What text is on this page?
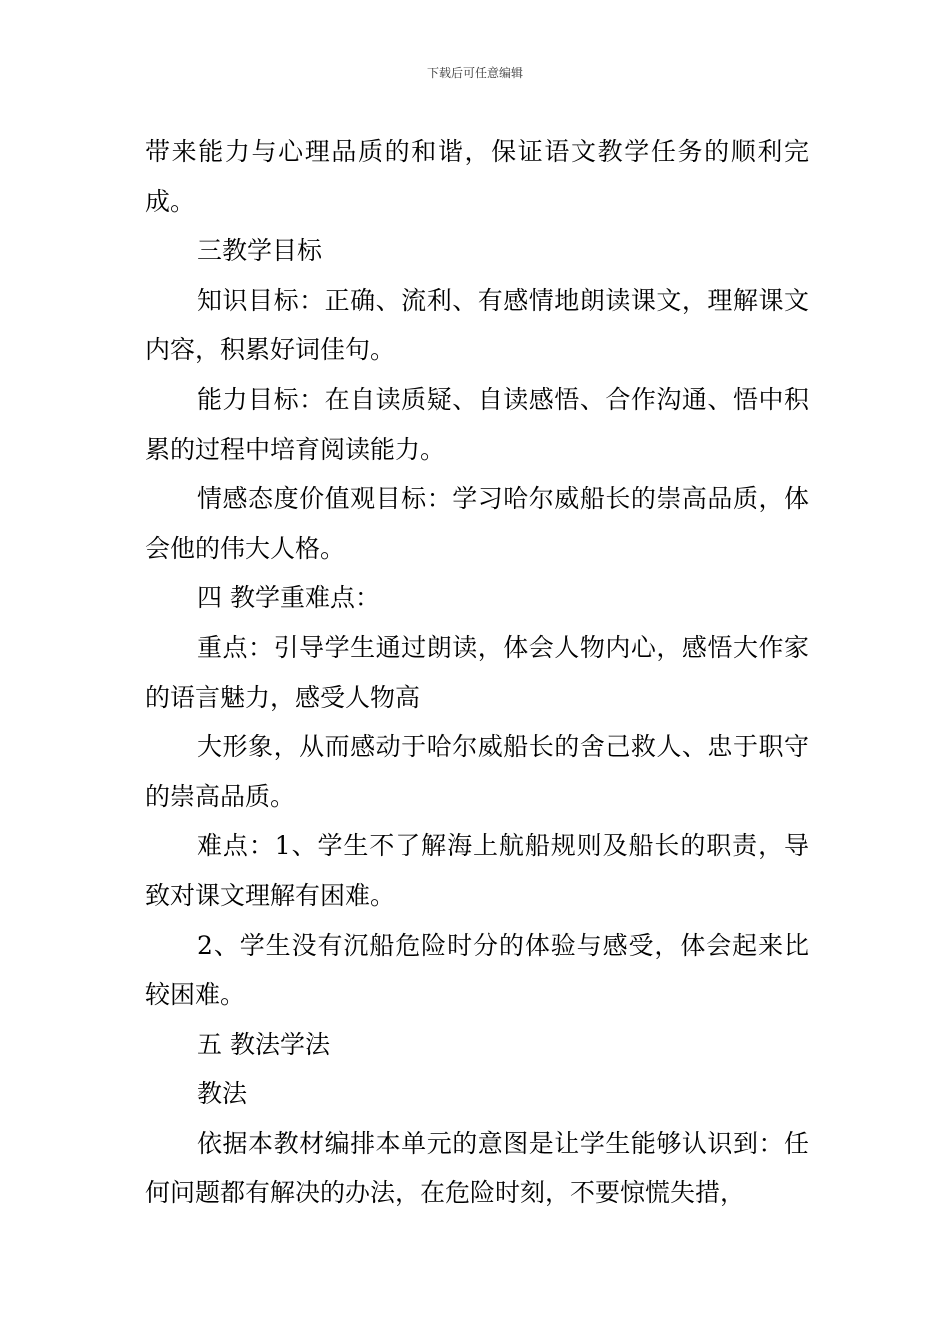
下载后可任意编辑

带来能力与心理品质的和谐，保证语文教学任务的顺利完成。

三教学目标

知识目标：正确、流利、有感情地朗读课文，理解课文内容，积累好词佳句。

能力目标：在自读质疑、自读感悟、合作沟通、悟中积累的过程中培育阅读能力。

情感态度价值观目标：学习哈尔威船长的崇高品质，体会他的伟大人格。

四 教学重难点：

重点：引导学生通过朗读，体会人物内心，感悟大作家的语言魅力，感受人物高

大形象，从而感动于哈尔威船长的舍己救人、忠于职守的崇高品质。

难点：1、学生不了解海上航船规则及船长的职责，导致对课文理解有困难。

2、学生没有沉船危险时分的体验与感受，体会起来比较困难。

五 教法学法

教法

依据本教材编排本单元的意图是让学生能够认识到：任何问题都有解决的办法，在危险时刻，不要惊慌失措，
